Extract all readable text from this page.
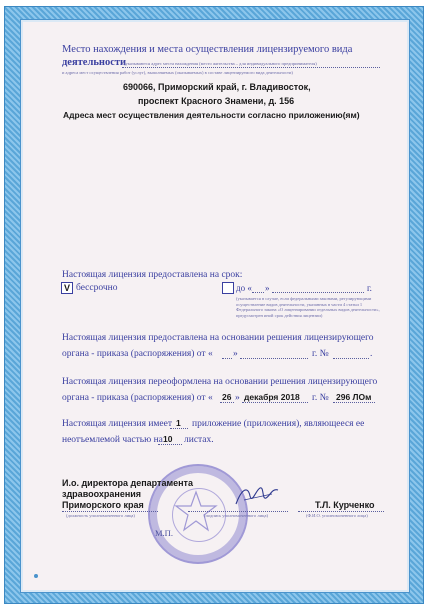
Место нахождения и места осуществления лицензируемого вида
деятельности
(указываются адрес места нахождения (место жительства – для индивидуального предпринимателя)
и адреса мест осуществления работ (услуг), выполняемых (оказываемых) в составе лицензируемого вида деятельности)
690066, Приморский край, г. Владивосток,
проспект Красного Знамени, д. 156
Адреса мест осуществления деятельности согласно приложению(ям)
Настоящая лицензия предоставлена на срок:
V бессрочно	до « »	г.
(указывается в случае, если федеральными законами, регулирующими осуществление видов деятельности, указанных в части 4 статьи 1 Федерального закона «О лицензировании отдельных видов деятельности», предусмотрен иной срок действия лицензии)
Настоящая лицензия предоставлена на основании решения лицензирующего
органа - приказа (распоряжения) от « »	г. №	.
Настоящая лицензия переоформлена на основании решения лицензирующего
органа - приказа (распоряжения) от « 26 » декабря 2018 г. № 296 ЛОм
Настоящая лицензия имеет 1 приложение (приложения), являющееся ее
неотъемлемой частью на 10 листах.
И.о. директора департамента
здравоохранения
Приморского края
(должность уполномоченного лица)	(подпись уполномоченного лица)
Т.Л. Курченко
(Ф.И.О. уполномоченного лица)
М.П.
